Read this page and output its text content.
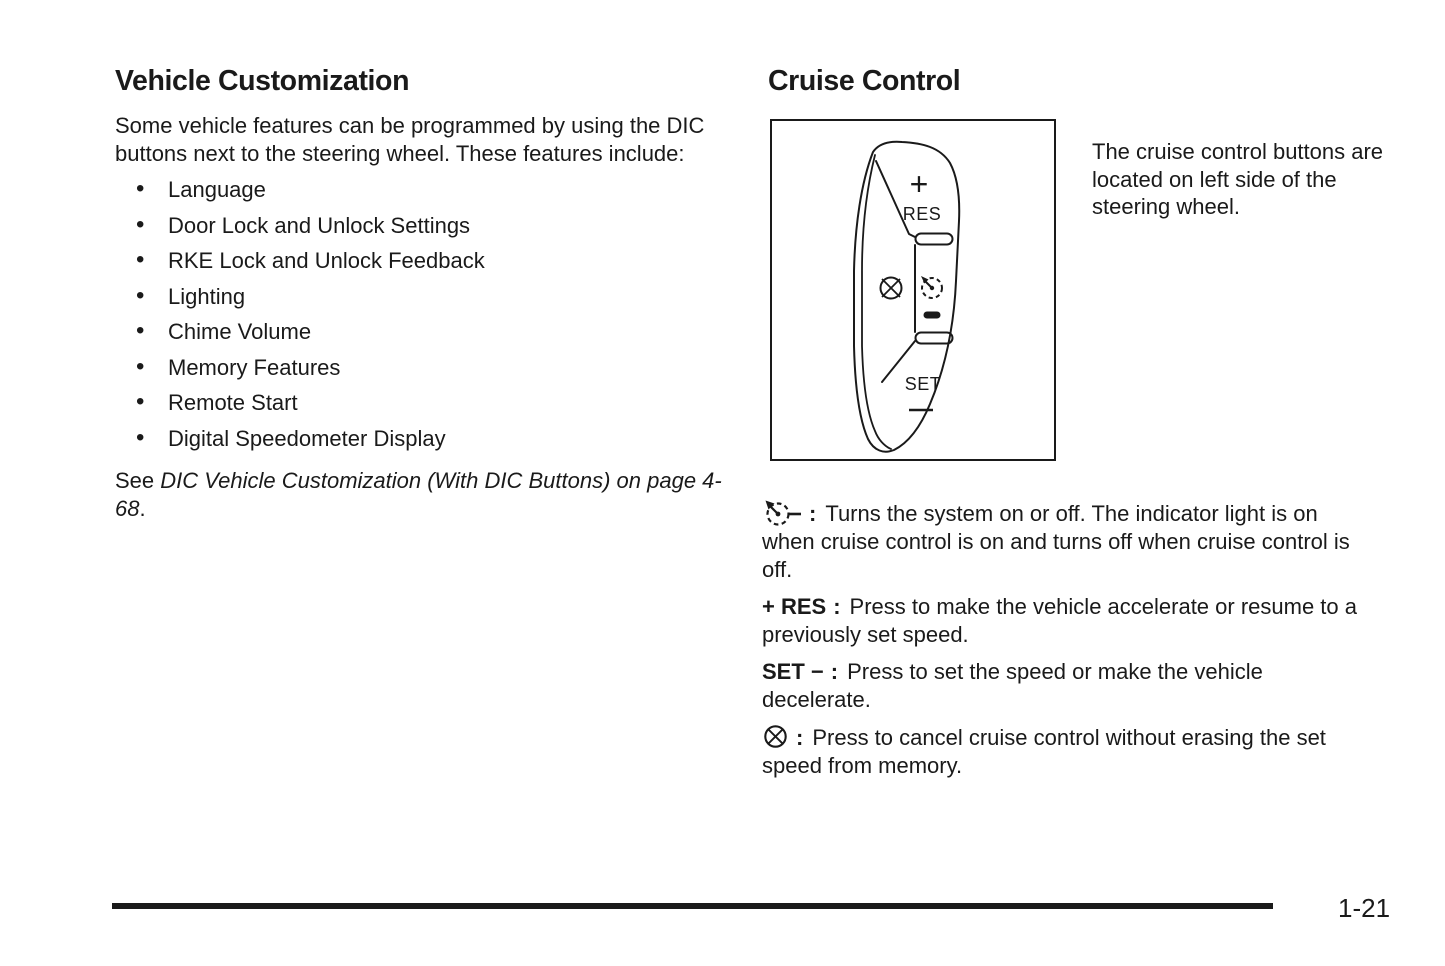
Vehicle Customization

Some vehicle features can be programmed by using the DIC buttons next to the steering wheel. These features include:

• Language
• Door Lock and Unlock Settings
• RKE Lock and Unlock Feedback
• Lighting
• Chime Volume
• Memory Features
• Remote Start
• Digital Speedometer Display

See DIC Vehicle Customization (With DIC Buttons) on page 4-68.

Cruise Control
+
RES
SET

The cruise control buttons are located on left side of the steering wheel.

: Turns the system on or off. The indicator light is on when cruise control is on and turns off when cruise control is off.

+ RES : Press to make the vehicle accelerate or resume to a previously set speed.

SET − : Press to set the speed or make the vehicle decelerate.

: Press to cancel cruise control without erasing the set speed from memory.

1-21
